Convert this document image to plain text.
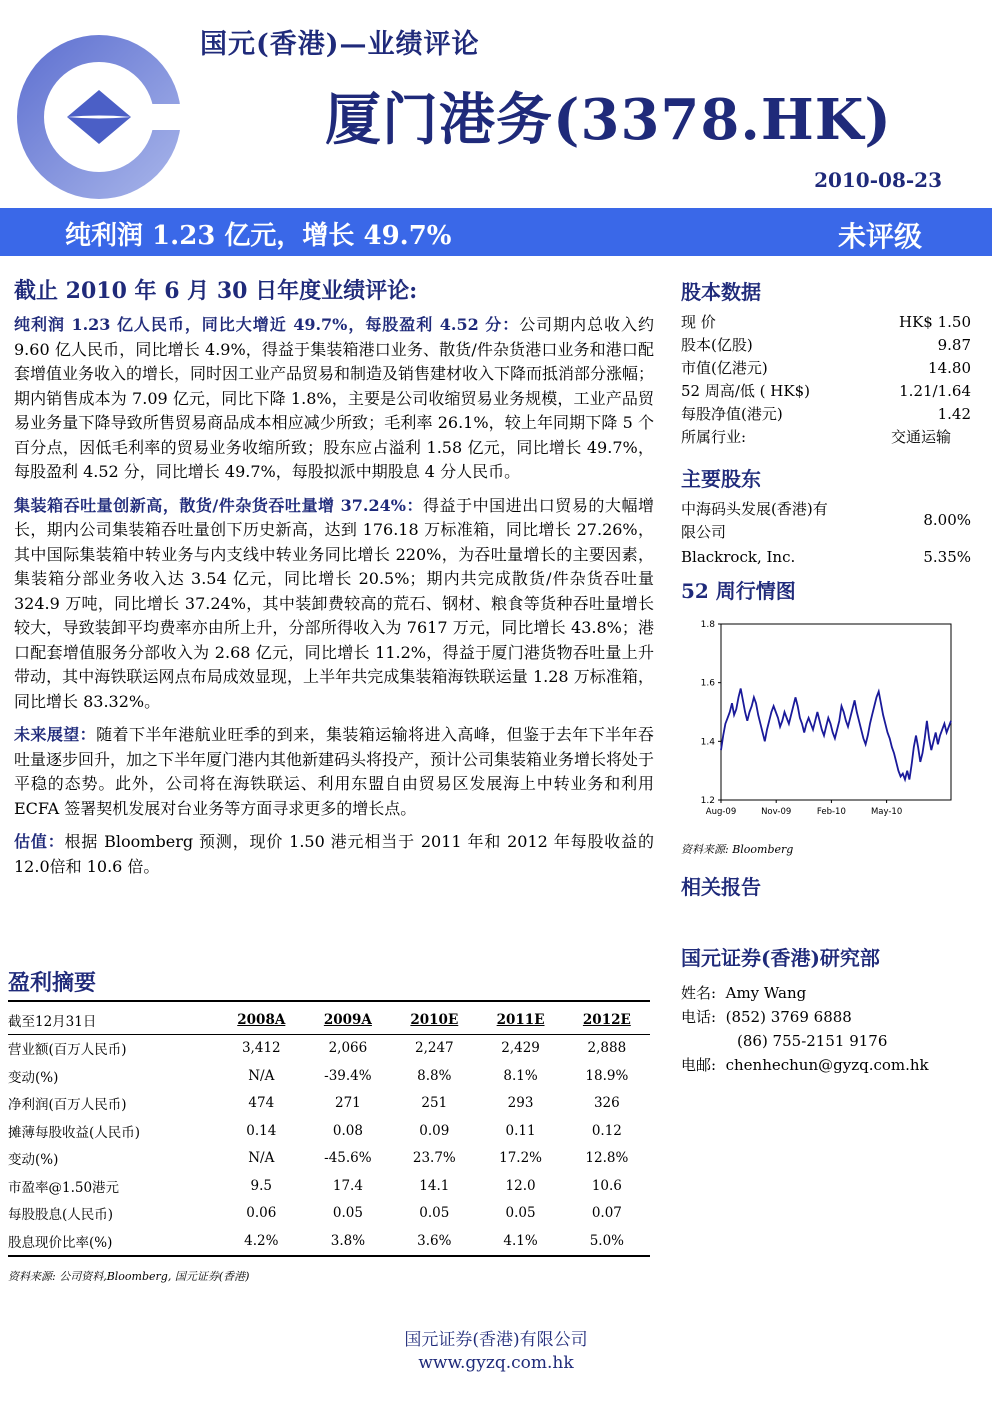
国元(香港)—业绩评论
厦门港务(3378.HK)
2010-08-23
纯利润 1.23 亿元，增长 49.7%	未评级
截止 2010 年 6 月 30 日年度业绩评论:

纯利润 1.23 亿人民币，同比大增近 49.7%，每股盈利 4.52 分：公司期内总收入约 9.60 亿人民币，同比增长 4.9%，得益于集装箱港口业务、散货/件杂货港口业务和港口配套增值业务收入的增长，同时因工业产品贸易和制造及销售建材收入下降而抵消部分涨幅；期内销售成本为 7.09 亿元，同比下降 1.8%，主要是公司收缩贸易业务规模，工业产品贸易业务量下降导致所售贸易商品成本相应减少所致；毛利率 26.1%，较上年同期下降 5 个百分点，因低毛利率的贸易业务收缩所致；股东应占溢利 1.58 亿元，同比增长 49.7%，每股盈利 4.52 分，同比增长 49.7%，每股拟派中期股息 4 分人民币。

集装箱吞吐量创新高，散货/件杂货吞吐量增 37.24%：得益于中国进出口贸易的大幅增长，期内公司集装箱吞吐量创下历史新高，达到 176.18 万标准箱，同比增长 27.26%，其中国际集装箱中转业务与内支线中转业务同比增长 220%，为吞吐量增长的主要因素，集装箱分部业务收入达 3.54 亿元，同比增长 20.5%；期内共完成散货/件杂货吞吐量 324.9 万吨，同比增长 37.24%，其中装卸费较高的荒石、钢材、粮食等货种吞吐量增长较大，导致装卸平均费率亦由所上升，分部所得收入为 7617 万元，同比增长 43.8%；港口配套增值服务分部收入为 2.68 亿元，同比增长 11.2%，得益于厦门港货物吞吐量上升带动，其中海铁联运网点布局成效显现，上半年共完成集装箱海铁联运量 1.28 万标准箱，同比增长 83.32%。

未来展望：随着下半年港航业旺季的到来，集装箱运输将进入高峰，但鉴于去年下半年吞吐量逐步回升，加之下半年厦门港内其他新建码头将投产，预计公司集装箱业务增长将处于平稳的态势。此外，公司将在海铁联运、利用东盟自由贸易区发展海上中转业务和利用 ECFA 签署契机发展对台业务等方面寻求更多的增长点。

估值：根据 Bloomberg 预测，现价 1.50 港元相当于 2011 年和 2012 年每股收益的 12.0倍和 10.6 倍。

股本数据
现 价	HK$ 1.50
股本(亿股)	9.87
市值(亿港元)	14.80
52 周高/低 ( HK$)	1.21/1.64
每股净值(港元)	1.42
所属行业:	交通运输
主要股东
中海码头发展(香港)有
限公司
8.00%
Blackrock, Inc.	5.35%
52 周行情图
1.2
1.4
1.6
1.8
Aug-09	Nov-09	Feb-10	May-10
资料来源: Bloomberg
相关报告
国元证券(香港)研究部
姓名: Amy Wang
电话: (852) 3769 6888
(86) 755-2151 9176
电邮: chenhechun@gyzq.com.hk
盈利摘要
截至12月31日	2008A	2009A	2010E	2011E	2012E
营业额(百万人民币)	3,412	2,066	2,247	2,429	2,888
变动(%)	N/A	-39.4%	8.8%	8.1%	18.9%
净利润(百万人民币)	474	271	251	293	326
摊薄每股收益(人民币)	0.14	0.08	0.09	0.11	0.12
变动(%)	N/A	-45.6%	23.7%	17.2%	12.8%
市盈率@1.50港元	9.5	17.4	14.1	12.0	10.6
每股股息(人民币)	0.06	0.05	0.05	0.05	0.07
股息现价比率(%)	4.2%	3.8%	3.6%	4.1%	5.0%
资料来源: 公司资料,Bloomberg, 国元证券(香港)
国元证券(香港)有限公司
www.gyzq.com.hk
